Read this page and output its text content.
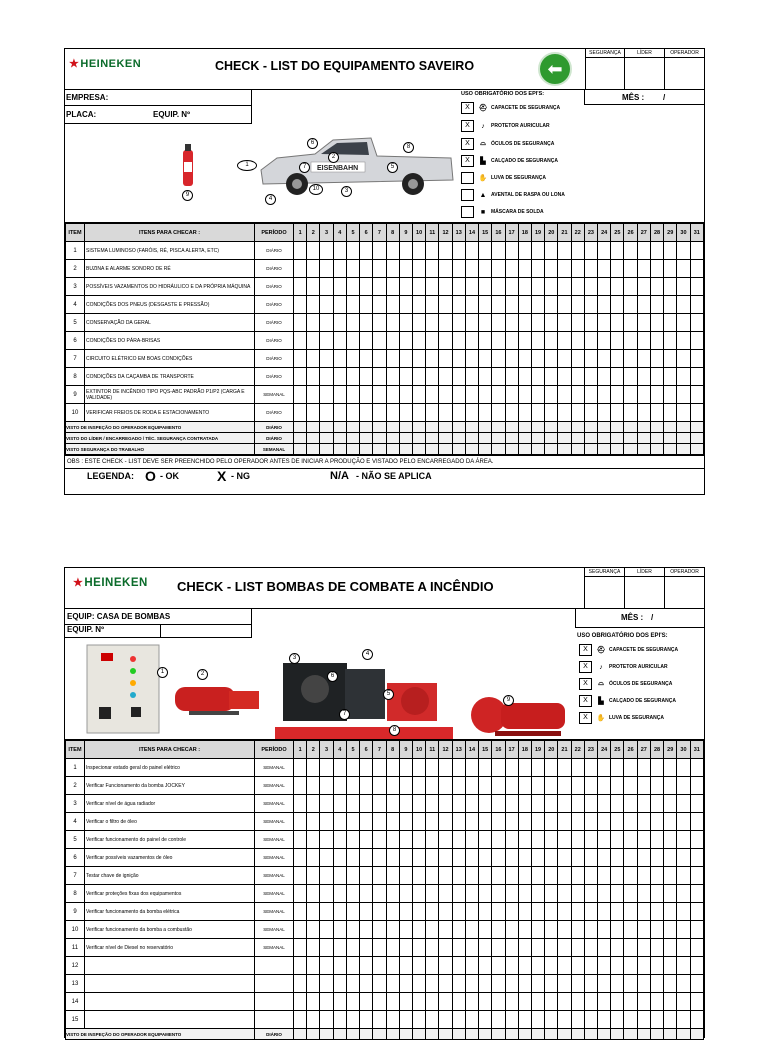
★HEINEKEN	CHECK - LIST DO EQUIPAMENTO SAVEIRO	⬅
SEGURANÇA	LÍDER	OPERADOR
EMPRESA:
PLACA:	EQUIP. Nº
EISENBAHN
1
2
3
4
5
6
7
8
9
10
USO OBRIGATÓRIO DOS EPI'S:	MÊS : /
X	⛑ CAPACETE DE SEGURANÇA
X	♪	PROTETOR AURICULAR
X	⌓	ÓCULOS DE SEGURANÇA
X	▙	CALÇADO DE SEGURANÇA
✋ LUVA DE SEGURANÇA
▲ AVENTAL DE RASPA OU LONA
■	MÁSCARA DE SOLDA
ITEM	ITENS PARA CHECAR :	PERÍODO	1	2	3	4	5	6	7	8	9	10	11	12	13	14	15	16	17	18	19	20	21	22	23	24	25	26	27	28	29	30	31
1	SISTEMA LUMINOSO (FARÓIS, RÉ, PISCA ALERTA, ETC)	DIÁRIO																															
2	BUZINA E ALARME SONORO DE RÉ	DIÁRIO																															
3	POSSÍVEIS VAZAMENTOS DO HIDRÁULICO E DA PRÓPRIA MÁQUINA	DIÁRIO																															
4	CONDIÇÕES DOS PNEUS (DESGASTE E PRESSÃO)	DIÁRIO																															
5	CONSERVAÇÃO DA GERAL	DIÁRIO																															
6	CONDIÇÕES DO PÁRA-BRISAS	DIÁRIO																															
7	CIRCUITO ELÉTRICO EM BOAS CONDIÇÕES	DIÁRIO																															
8	CONDIÇÕES DA CAÇAMBA DE TRANSPORTE	DIÁRIO																															
9	EXTINTOR DE INCÊNDIO TIPO PQS-ABC PADRÃO P1/P2 (CARGA E VALIDADE)	SEMANAL																															
10	VERIFICAR FREIOS DE RODA E ESTACIONAMENTO	DIÁRIO																															
VISTO DE INSPEÇÃO DO OPERADOR EQUIPAMENTO		DIÁRIO																															
VISTO DO LÍDER / ENCARREGADO / TÉC. SEGURANÇA CONTRATADA		DIÁRIO																															
VISTO SEGURANÇA DO TRABALHO		SEMANAL																															
OBS : ESTE CHECK - LIST DEVE SER PREENCHIDO PELO OPERADOR ANTES DE INICIAR A PRODUÇÃO E VISTADO PELO ENCARREGADO DA ÁREA.
LEGENDA: O - OK	X - NG	N/A - NÃO SE APLICA
★HEINEKEN CHECK - LIST BOMBAS DE COMBATE A INCÊNDIO
SEGURANÇA	LÍDER	OPERADOR
EQUIP: CASA DE BOMBAS
EQUIP. Nº
1	2
3
4
5
6
7
8
9
MÊS : /
USO OBRIGATÓRIO DOS EPI'S:
X	⛑ CAPACETE DE SEGURANÇA
X	♪	PROTETOR AURICULAR
X	⌓	ÓCULOS DE SEGURANÇA
X	▙	CALÇADO DE SEGURANÇA
X	✋ LUVA DE SEGURANÇA
ITEM	ITENS PARA CHECAR :	PERÍODO	1	2	3	4	5	6	7	8	9	10	11	12	13	14	15	16	17	18	19	20	21	22	23	24	25	26	27	28	29	30	31
1	Inspecionar estado geral do painel elétrico	SEMANAL																															
2	Verificar Funcionamento da bomba JOCKEY	SEMANAL																															
3	Verificar nível de água radiador	SEMANAL																															
4	Verificar o filtro de óleo	SEMANAL																															
5	Verificar funcionamento do painel de controle	SEMANAL																															
6	Verificar possíveis vazamentos de óleo	SEMANAL																															
7	Testar chave de ignição	SEMANAL																															
8	Verificar proteções fixas dos equipamentos	SEMANAL																															
9	Verificar funcionamento da bomba elétrica	SEMANAL																															
10	Verificar funcionamento da bomba a combustão	SEMANAL																															
11	Verificar nível de Diesel no reservatório	SEMANAL																															
12																																	
13																																	
14																																	
15																																	
VISTO DE INSPEÇÃO DO OPERADOR EQUIPAMENTO		DIÁRIO																															
